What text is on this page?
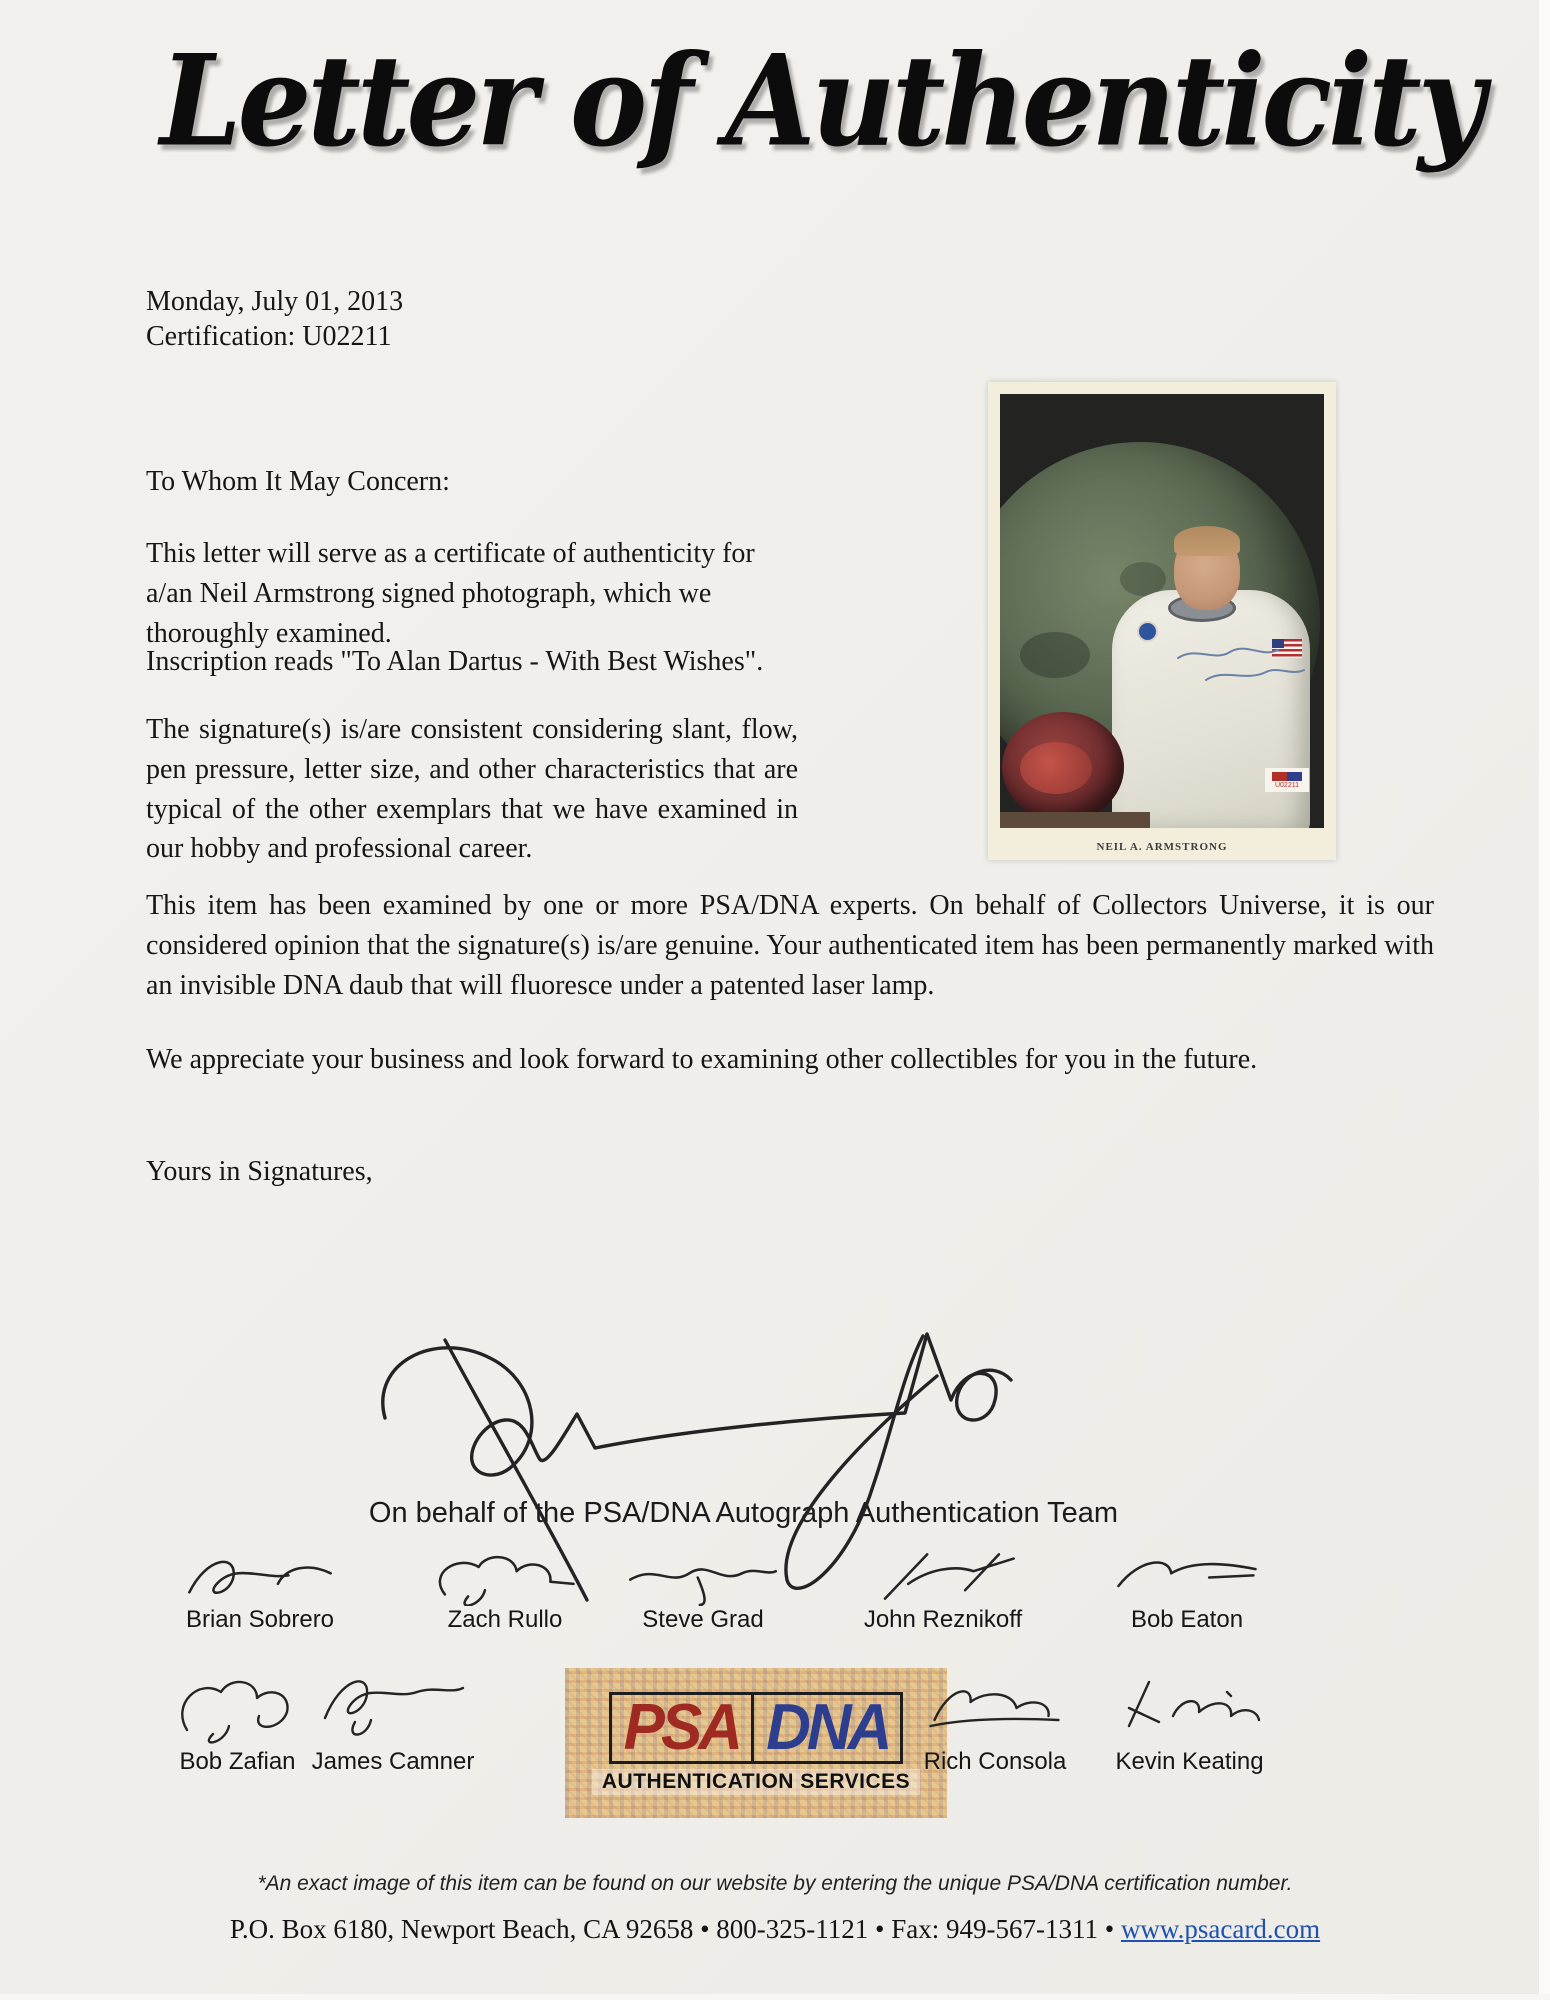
Letter of Authenticity
Monday, July 01, 2013
Certification: U02211
To Whom It May Concern:
This letter will serve as a certificate of authenticity for a/an Neil Armstrong signed photograph, which we thoroughly examined.
Inscription reads "To Alan Dartus - With Best Wishes".
The signature(s) is/are consistent considering slant, flow, pen pressure, letter size, and other characteristics that are typical of the other exemplars that we have examined in our hobby and professional career.
This item has been examined by one or more PSA/DNA experts. On behalf of Collectors Universe, it is our considered opinion that the signature(s) is/are genuine. Your authenticated item has been permanently marked with an invisible DNA daub that will fluoresce under a patented laser lamp.
We appreciate your business and look forward to examining other collectibles for you in the future.
Yours in Signatures,
U02211
NEIL A. ARMSTRONG
On behalf of the PSA/DNA Autograph Authentication Team
Brian Sobrero	Zach Rullo	Steve Grad	John Reznikoff	Bob Eaton
Bob Zafian James Camner PSA DNA
AUTHENTICATION SERVICES
Rich Consola	Kevin Keating
*An exact image of this item can be found on our website by entering the unique PSA/DNA certification number.
P.O. Box 6180, Newport Beach, CA 92658 • 800-325-1121 • Fax: 949-567-1311 • www.psacard.com
